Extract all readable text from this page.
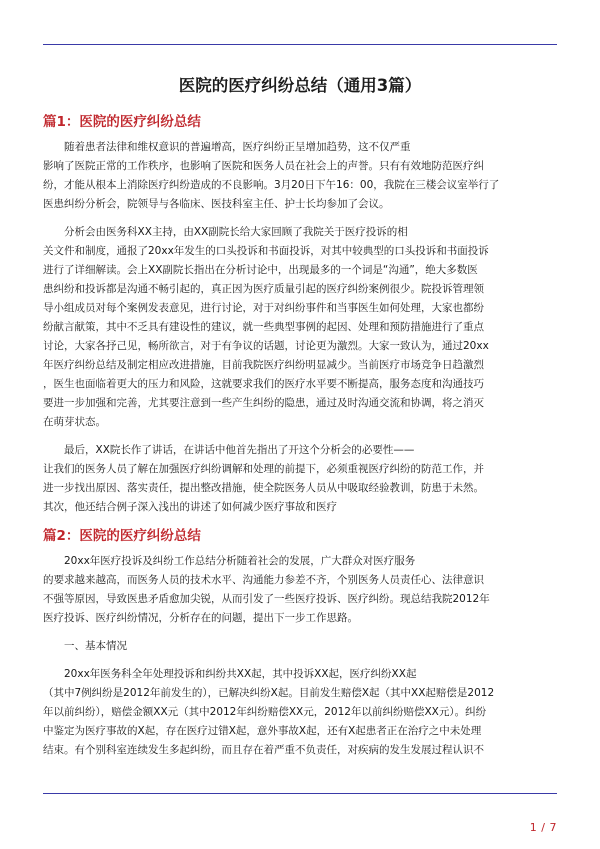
医院的医疗纠纷总结（通用3篇）
篇1：医院的医疗纠纷总结
随着患者法律和维权意识的普遍增高，医疗纠纷正呈增加趋势，这不仅严重
影响了医院正常的工作秩序，也影响了医院和医务人员在社会上的声誉。只有有效地防范医疗纠
纷，才能从根本上消除医疗纠纷造成的不良影响。3月20日下午16：00，我院在三楼会议室举行了
医患纠纷分析会，院领导与各临床、医技科室主任、护士长均参加了会议。
分析会由医务科XX主持，由XX副院长给大家回顾了我院关于医疗投诉的相
关文件和制度，通报了20xx年发生的口头投诉和书面投诉，对其中较典型的口头投诉和书面投诉
进行了详细解读。会上XX副院长指出在分析讨论中，出现最多的一个词是“沟通”，绝大多数医
患纠纷和投诉都是沟通不畅引起的，真正因为医疗质量引起的医疗纠纷案例很少。院投诉管理领
导小组成员对每个案例发表意见，进行讨论，对于对纠纷事件和当事医生如何处理，大家也都纷
纷献言献策，其中不乏具有建设性的建议，就一些典型事例的起因、处理和预防措施进行了重点
讨论，大家各抒己见，畅所欲言，对于有争议的话题，讨论更为激烈。大家一致认为，通过20xx
年医疗纠纷总结及制定相应改进措施，目前我院医疗纠纷明显减少。当前医疗市场竞争日趋激烈
，医生也面临着更大的压力和风险，这就要求我们的医疗水平要不断提高，服务态度和沟通技巧
要进一步加强和完善，尤其要注意到一些产生纠纷的隐患，通过及时沟通交流和协调，将之消灭
在萌芽状态。
最后，XX院长作了讲话，在讲话中他首先指出了开这个分析会的必要性——
让我们的医务人员了解在加强医疗纠纷调解和处理的前提下，必须重视医疗纠纷的防范工作，并
进一步找出原因、落实责任，提出整改措施，使全院医务人员从中吸取经验教训，防患于未然。
其次，他还结合例子深入浅出的讲述了如何减少医疗事故和医疗
篇2：医院的医疗纠纷总结
20xx年医疗投诉及纠纷工作总结分析随着社会的发展，广大群众对医疗服务
的要求越来越高，而医务人员的技术水平、沟通能力参差不齐，个别医务人员责任心、法律意识
不强等原因，导致医患矛盾愈加尖锐，从而引发了一些医疗投诉、医疗纠纷。现总结我院2012年
医疗投诉、医疗纠纷情况，分析存在的问题，提出下一步工作思路。
一、基本情况
20xx年医务科全年处理投诉和纠纷共XX起，其中投诉XX起，医疗纠纷XX起
（其中7例纠纷是2012年前发生的），已解决纠纷X起。目前发生赔偿X起（其中XX起赔偿是2012
年以前纠纷），赔偿金额XX元（其中2012年纠纷赔偿XX元，2012年以前纠纷赔偿XX元）。纠纷
中鉴定为医疗事故的X起，存在医疗过错X起，意外事故X起，还有X起患者正在治疗之中未处理
结束。有个别科室连续发生多起纠纷，而且存在着严重不负责任，对疾病的发生发展过程认识不
1 / 7
